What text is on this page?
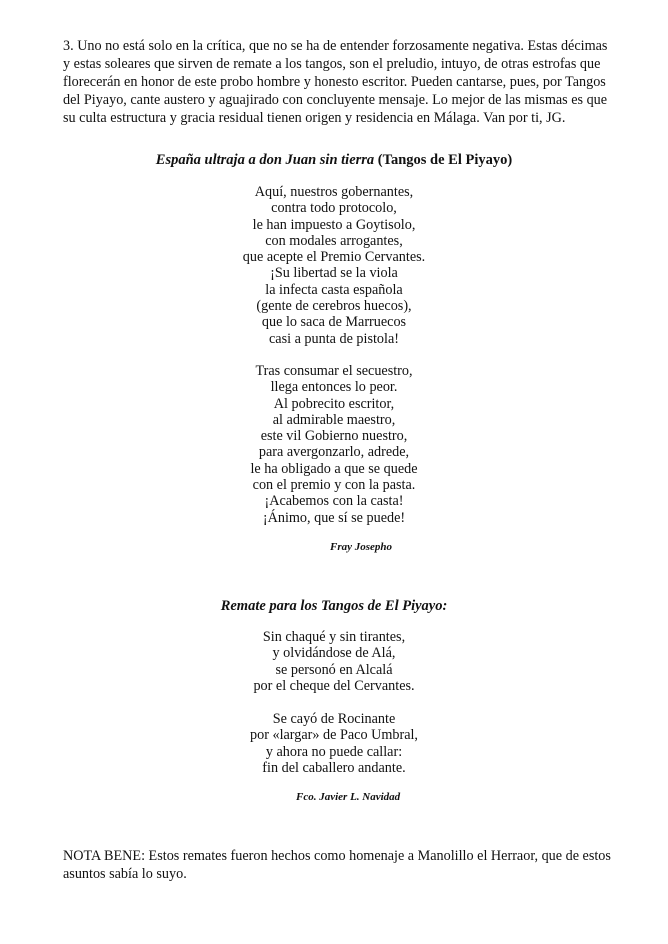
3. Uno no está solo en la crítica, que no se ha de entender forzosamente negativa. Estas décimas
y estas soleares que sirven de remate a los tangos, son el preludio, intuyo, de otras estrofas que
florecerán en honor de este probo hombre y honesto escritor. Pueden cantarse, pues, por Tangos
del Piyayo, cante austero y aguajirado con concluyente mensaje. Lo mejor de las mismas es que
su culta estructura y gracia residual tienen origen y residencia en Málaga. Van por ti, JG.
España ultraja a don Juan sin tierra (Tangos de El Piyayo)
Aquí, nuestros gobernantes,
contra todo protocolo,
le han impuesto a Goytisolo,
con modales arrogantes,
que acepte el Premio Cervantes.
¡Su libertad se la viola
la infecta casta española
(gente de cerebros huecos),
que lo saca de Marruecos
casi a punta de pistola!
Tras consumar el secuestro,
llega entonces lo peor.
Al pobrecito escritor,
al admirable maestro,
este vil Gobierno nuestro,
para avergonzarlo, adrede,
le ha obligado a que se quede
con el premio y con la pasta.
¡Acabemos con la casta!
¡Ánimo, que sí se puede!
Fray Josepho
Remate para los Tangos de El Piyayo:
Sin chaqué y sin tirantes,
y olvidándose de Alá,
se personó en Alcalá
por el cheque del Cervantes.
Se cayó de Rocinante
por «largar» de Paco Umbral,
y ahora no puede callar:
fin del caballero andante.
Fco. Javier L. Navidad
NOTA BENE: Estos remates fueron hechos como homenaje a Manolillo el Herraor, que de estos
asuntos sabía lo suyo.
